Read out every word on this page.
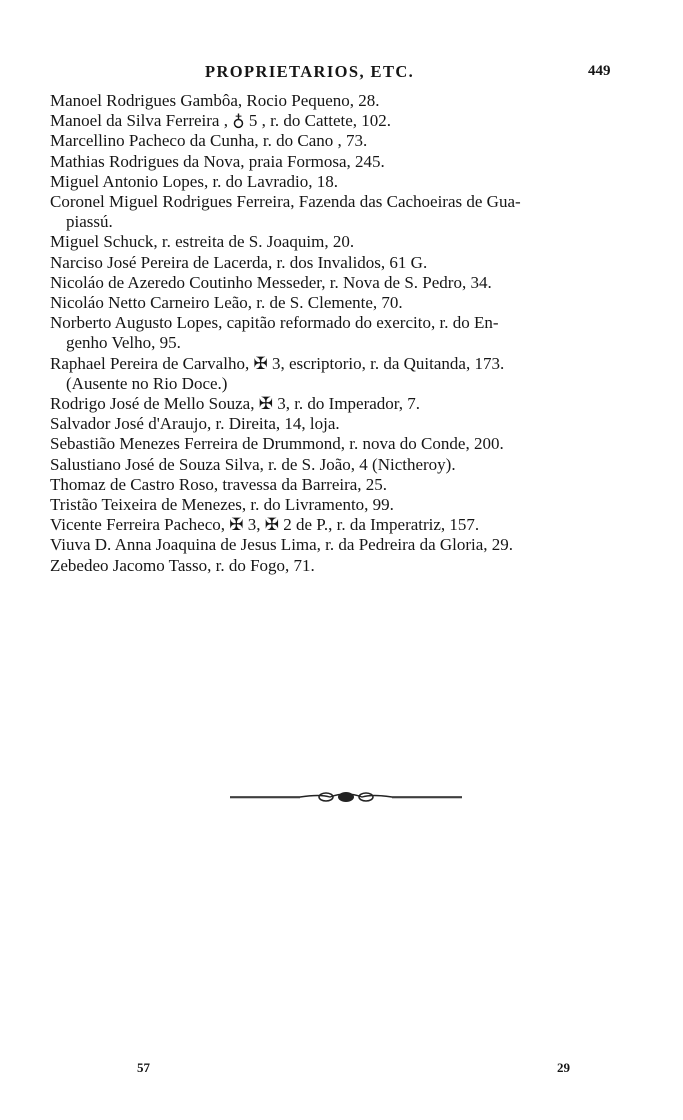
PROPRIETARIOS, ETC.	449
Manoel Rodrigues Gambôa, Rocio Pequeno, 28.
Manoel da Silva Ferreira , ♁ 5 , r. do Cattete, 102.
Marcellino Pacheco da Cunha, r. do Cano , 73.
Mathias Rodrigues da Nova, praia Formosa, 245.
Miguel Antonio Lopes, r. do Lavradio, 18.
Coronel Miguel Rodrigues Ferreira, Fazenda das Cachoeiras de Gua-
piassú.
Miguel Schuck, r. estreita de S. Joaquim, 20.
Narciso José Pereira de Lacerda, r. dos Invalidos, 61 G.
Nicoláo de Azeredo Coutinho Messeder, r. Nova de S. Pedro, 34.
Nicoláo Netto Carneiro Leão, r. de S. Clemente, 70.
Norberto Augusto Lopes, capitão reformado do exercito, r. do En-
genho Velho, 95.
Raphael Pereira de Carvalho, ✠ 3, escriptorio, r. da Quitanda, 173.
(Ausente no Rio Doce.)
Rodrigo José de Mello Souza, ✠ 3, r. do Imperador, 7.
Salvador José d'Araujo, r. Direita, 14, loja.
Sebastião Menezes Ferreira de Drummond, r. nova do Conde, 200.
Salustiano José de Souza Silva, r. de S. João, 4 (Nictheroy).
Thomaz de Castro Roso, travessa da Barreira, 25.
Tristão Teixeira de Menezes, r. do Livramento, 99.
Vicente Ferreira Pacheco, ✠ 3, ✠ 2 de P., r. da Imperatriz, 157.
Viuva D. Anna Joaquina de Jesus Lima, r. da Pedreira da Gloria, 29.
Zebedeo Jacomo Tasso, r. do Fogo, 71.
57	29
